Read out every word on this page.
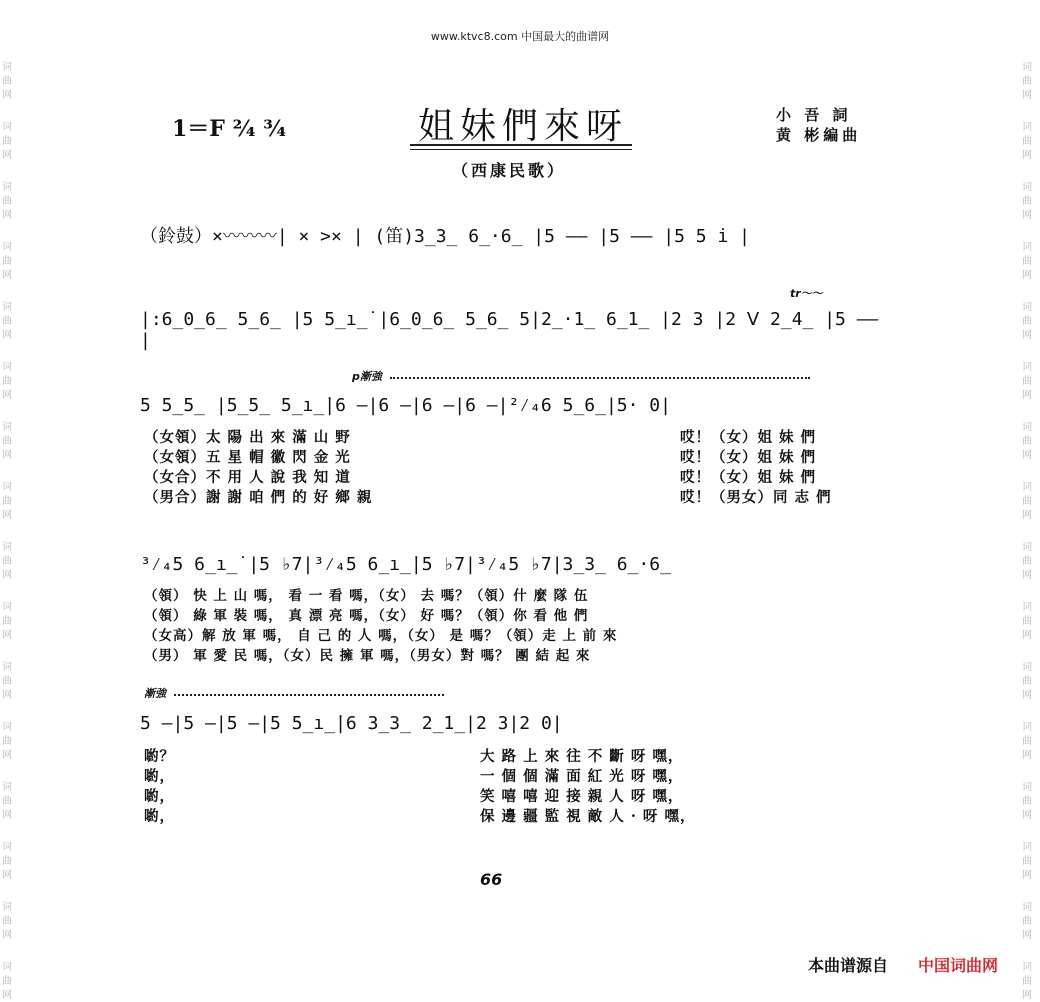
词
曲
网
词
曲
网
词
曲
网
词
曲
网
词
曲
网
词
曲
网
词
曲
网
词
曲
网
词
曲
网
词
曲
网
词
曲
网
词
曲
网
词
曲
网
词
曲
网
词
曲
网
词
曲
网
词
曲
网
词
曲
网
词
曲
网
词
曲
网
词
曲
网
词
曲
网
词
曲
网
词
曲
网
词
曲
网
词
曲
网
词
曲
网
词
曲
网
词
曲
网
词
曲
网
词
曲
网
词
曲
网
www.ktvc8.com 中国最大的曲谱网
1＝F ²⁄₄ ³⁄₄	姐妹們來呀	小 吾 詞
黄 彬編曲
（西康民歌）
（鈴鼓）×〰〰〰| × >× | (笛)3̲3̲ 6̲·6̲ |5 —— |5 —— |5 5 i̇ |
tr～～
|:6̲0̲6̲ 5̲6̲ |5 5̲i̲̇ |6̲0̲6̲ 5̲6̲ 5|2̲·1̲ 6̲1̲ |2 3 |2 ᐯ 2̲4̲ |5 —— |
p漸強
5 5̲5̲ |5̲5̲ 5̲i̲̇|6 —|6 —|6 —|6 —|²⁄₄6 5̲6̲|5· 0|
（女領）太 陽 出 來 滿 山 野
（女領）五 星 帽 徽 閃 金 光
（女合）不 用 人 說 我 知 道
（男合）謝 謝 咱 們 的 好 鄉 親
哎！（女）姐 妹 們
哎！（女）姐 妹 們
哎！（女）姐 妹 們
哎！（男女）同 志 們
³⁄₄5 6̲i̲̇ |5 ♭7|³⁄₄5 6̲i̲̇|5 ♭7|³⁄₄5 ♭7|3̲3̲ 6̲·6̲
（領） 快 上 山 嗎， 看 一 看 嗎，（女） 去 嗎？（領）什 麼 隊 伍
（領） 綠 軍 裝 嗎， 真 漂 亮 嗎，（女） 好 嗎？（領）你 看 他 們
（女高）解 放 軍 嗎， 自 己 的 人 嗎，（女） 是 嗎？（領）走 上 前 來
（男） 軍 愛 民 嗎，（女）民 擁 軍 嗎，（男女）對 嗎？ 團 結 起 來
漸強
5 —|5 —|5 —|5 5̲i̲̇|6 3̲3̲ 2̲1̲|2 3|2 0|
喲？
喲，
喲，
喲，
大 路 上 來 往 不 斷 呀 嘿，
一 個 個 滿 面 紅 光 呀 嘿，
笑 嘻 嘻 迎 接 親 人 呀 嘿，
保 邊 疆 監 視 敵 人 · 呀 嘿，
66
本曲谱源自 中国词曲网
